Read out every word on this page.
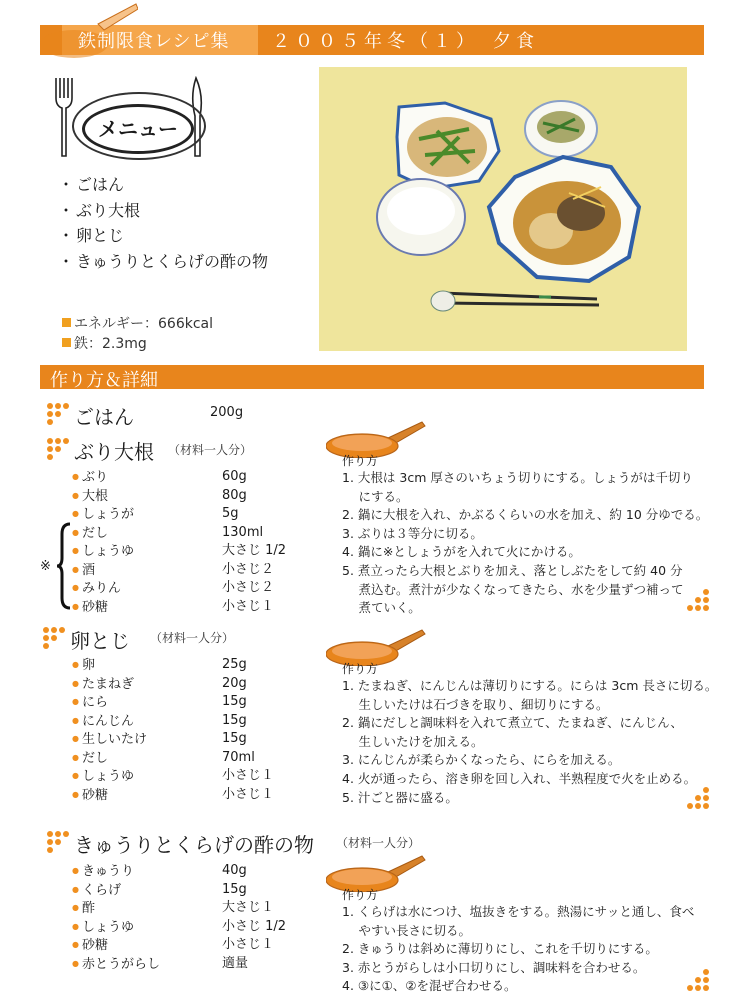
鉄制限食レシピ集 ２００５年冬（１）　夕食
メニュー
・ ごはん
・ ぶり大根
・ 卵とじ
・ きゅうりとくらげの酢の物
エネルギー：666kcal
鉄：2.3mg
作り方＆詳細
ごはん	200g
ぶり大根 （材料一人分）
● ぶり	60g
● 大根	80g
● しょうが	5g
● だし	130ml
● しょうゆ	大さじ 1/2
● 酒	小さじ２
● みりん	小さじ２
● 砂糖	小さじ１
※
作り方
1. 大根は 3cm 厚さのいちょう切りにする。しょうがは千切り
　 にする。
2. 鍋に大根を入れ、かぶるくらいの水を加え、約 10 分ゆでる。
3. ぶりは３等分に切る。
4. 鍋に※としょうがを入れて火にかける。
5. 煮立ったら大根とぶりを加え、落としぶたをして約 40 分
　 煮込む。煮汁が少なくなってきたら、水を少量ずつ補って
　 煮ていく。
卵とじ （材料一人分）
● 卵	25g
● たまねぎ	20g
● にら	15g
● にんじん	15g
● 生しいたけ	15g
● だし	70ml
● しょうゆ	小さじ１
● 砂糖	小さじ１
作り方
1. たまねぎ、にんじんは薄切りにする。にらは 3cm 長さに切る。
　 生しいたけは石づきを取り、細切りにする。
2. 鍋にだしと調味料を入れて煮立て、たまねぎ、にんじん、
　 生しいたけを加える。
3. にんじんが柔らかくなったら、にらを加える。
4. 火が通ったら、溶き卵を回し入れ、半熟程度で火を止める。
5. 汁ごと器に盛る。
きゅうりとくらげの酢の物 （材料一人分）
● きゅうり	40g
● くらげ	15g
● 酢	大さじ１
● しょうゆ	小さじ 1/2
● 砂糖	小さじ１
● 赤とうがらし	適量
作り方
1. くらげは水につけ、塩抜きをする。熱湯にサッと通し、食べ
　 やすい長さに切る。
2. きゅうりは斜めに薄切りにし、これを千切りにする。
3. 赤とうがらしは小口切りにし、調味料を合わせる。
4. ③に①、②を混ぜ合わせる。
